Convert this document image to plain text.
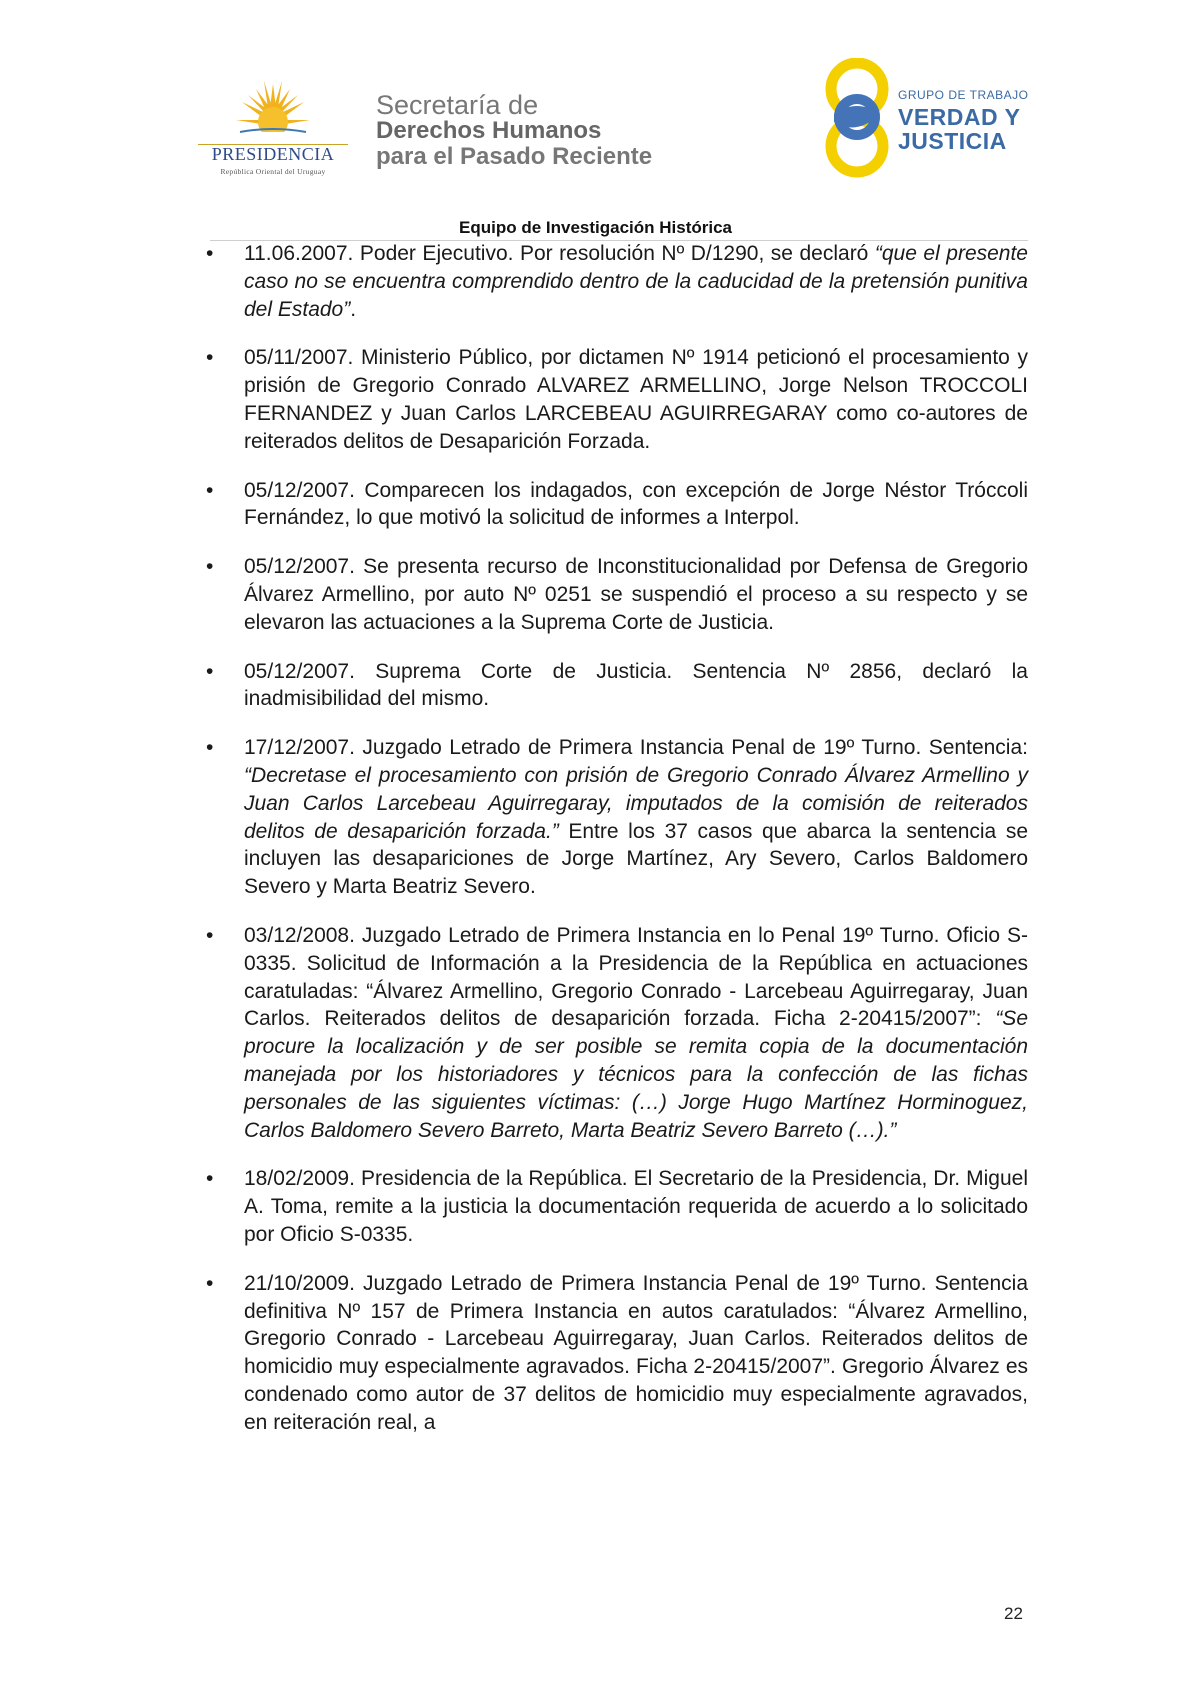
PRESIDENCIA
República Oriental del Uruguay
Secretaría de
Derechos Humanos
para el Pasado Reciente
GRUPO DE TRABAJO
VERDAD Y
JUSTICIA
Equipo de Investigación Histórica
•	11.06.2007. Poder Ejecutivo. Por resolución Nº D/1290, se declaró “que el presente caso no se encuentra comprendido dentro de la caducidad de la pretensión punitiva del Estado”.
•	05/11/2007. Ministerio Público, por dictamen Nº 1914 peticionó el procesamiento y prisión de Gregorio Conrado ALVAREZ ARMELLINO, Jorge Nelson TROCCOLI FERNANDEZ y Juan Carlos LARCEBEAU AGUIRREGARAY como co-autores de reiterados delitos de Desaparición Forzada.
•	05/12/2007. Comparecen los indagados, con excepción de Jorge Néstor Tróccoli Fernández, lo que motivó la solicitud de informes a Interpol.
•	05/12/2007. Se presenta recurso de Inconstitucionalidad por Defensa de Gregorio Álvarez Armellino, por auto Nº 0251 se suspendió el proceso a su respecto y se elevaron las actuaciones a la Suprema Corte de Justicia.
•	05/12/2007. Suprema Corte de Justicia. Sentencia Nº 2856, declaró la inadmisibilidad del mismo.
•	17/12/2007. Juzgado Letrado de Primera Instancia Penal de 19º Turno. Sentencia: “Decretase el procesamiento con prisión de Gregorio Conrado Álvarez Armellino y Juan Carlos Larcebeau Aguirregaray, imputados de la comisión de reiterados delitos de desaparición forzada.” Entre los 37 casos que abarca la sentencia se incluyen las desapariciones de Jorge Martínez, Ary Severo, Carlos Baldomero Severo y Marta Beatriz Severo.
•	03/12/2008. Juzgado Letrado de Primera Instancia en lo Penal 19º Turno. Oficio S-0335. Solicitud de Información a la Presidencia de la República en actuaciones caratuladas: “Álvarez Armellino, Gregorio Conrado - Larcebeau Aguirregaray, Juan Carlos. Reiterados delitos de desaparición forzada. Ficha 2-20415/2007”: “Se procure la localización y de ser posible se remita copia de la documentación manejada por los historiadores y técnicos para la confección de las fichas personales de las siguientes víctimas: (…) Jorge Hugo Martínez Horminoguez, Carlos Baldomero Severo Barreto, Marta Beatriz Severo Barreto (…).”
•	18/02/2009. Presidencia de la República. El Secretario de la Presidencia, Dr. Miguel A. Toma, remite a la justicia la documentación requerida de acuerdo a lo solicitado por Oficio S-0335.
•	21/10/2009. Juzgado Letrado de Primera Instancia Penal de 19º Turno. Sentencia definitiva Nº 157 de Primera Instancia en autos caratulados: “Álvarez Armellino, Gregorio Conrado - Larcebeau Aguirregaray, Juan Carlos. Reiterados delitos de homicidio muy especialmente agravados. Ficha 2-20415/2007”. Gregorio Álvarez es condenado como autor de 37 delitos de homicidio muy especialmente agravados, en reiteración real, a
22
